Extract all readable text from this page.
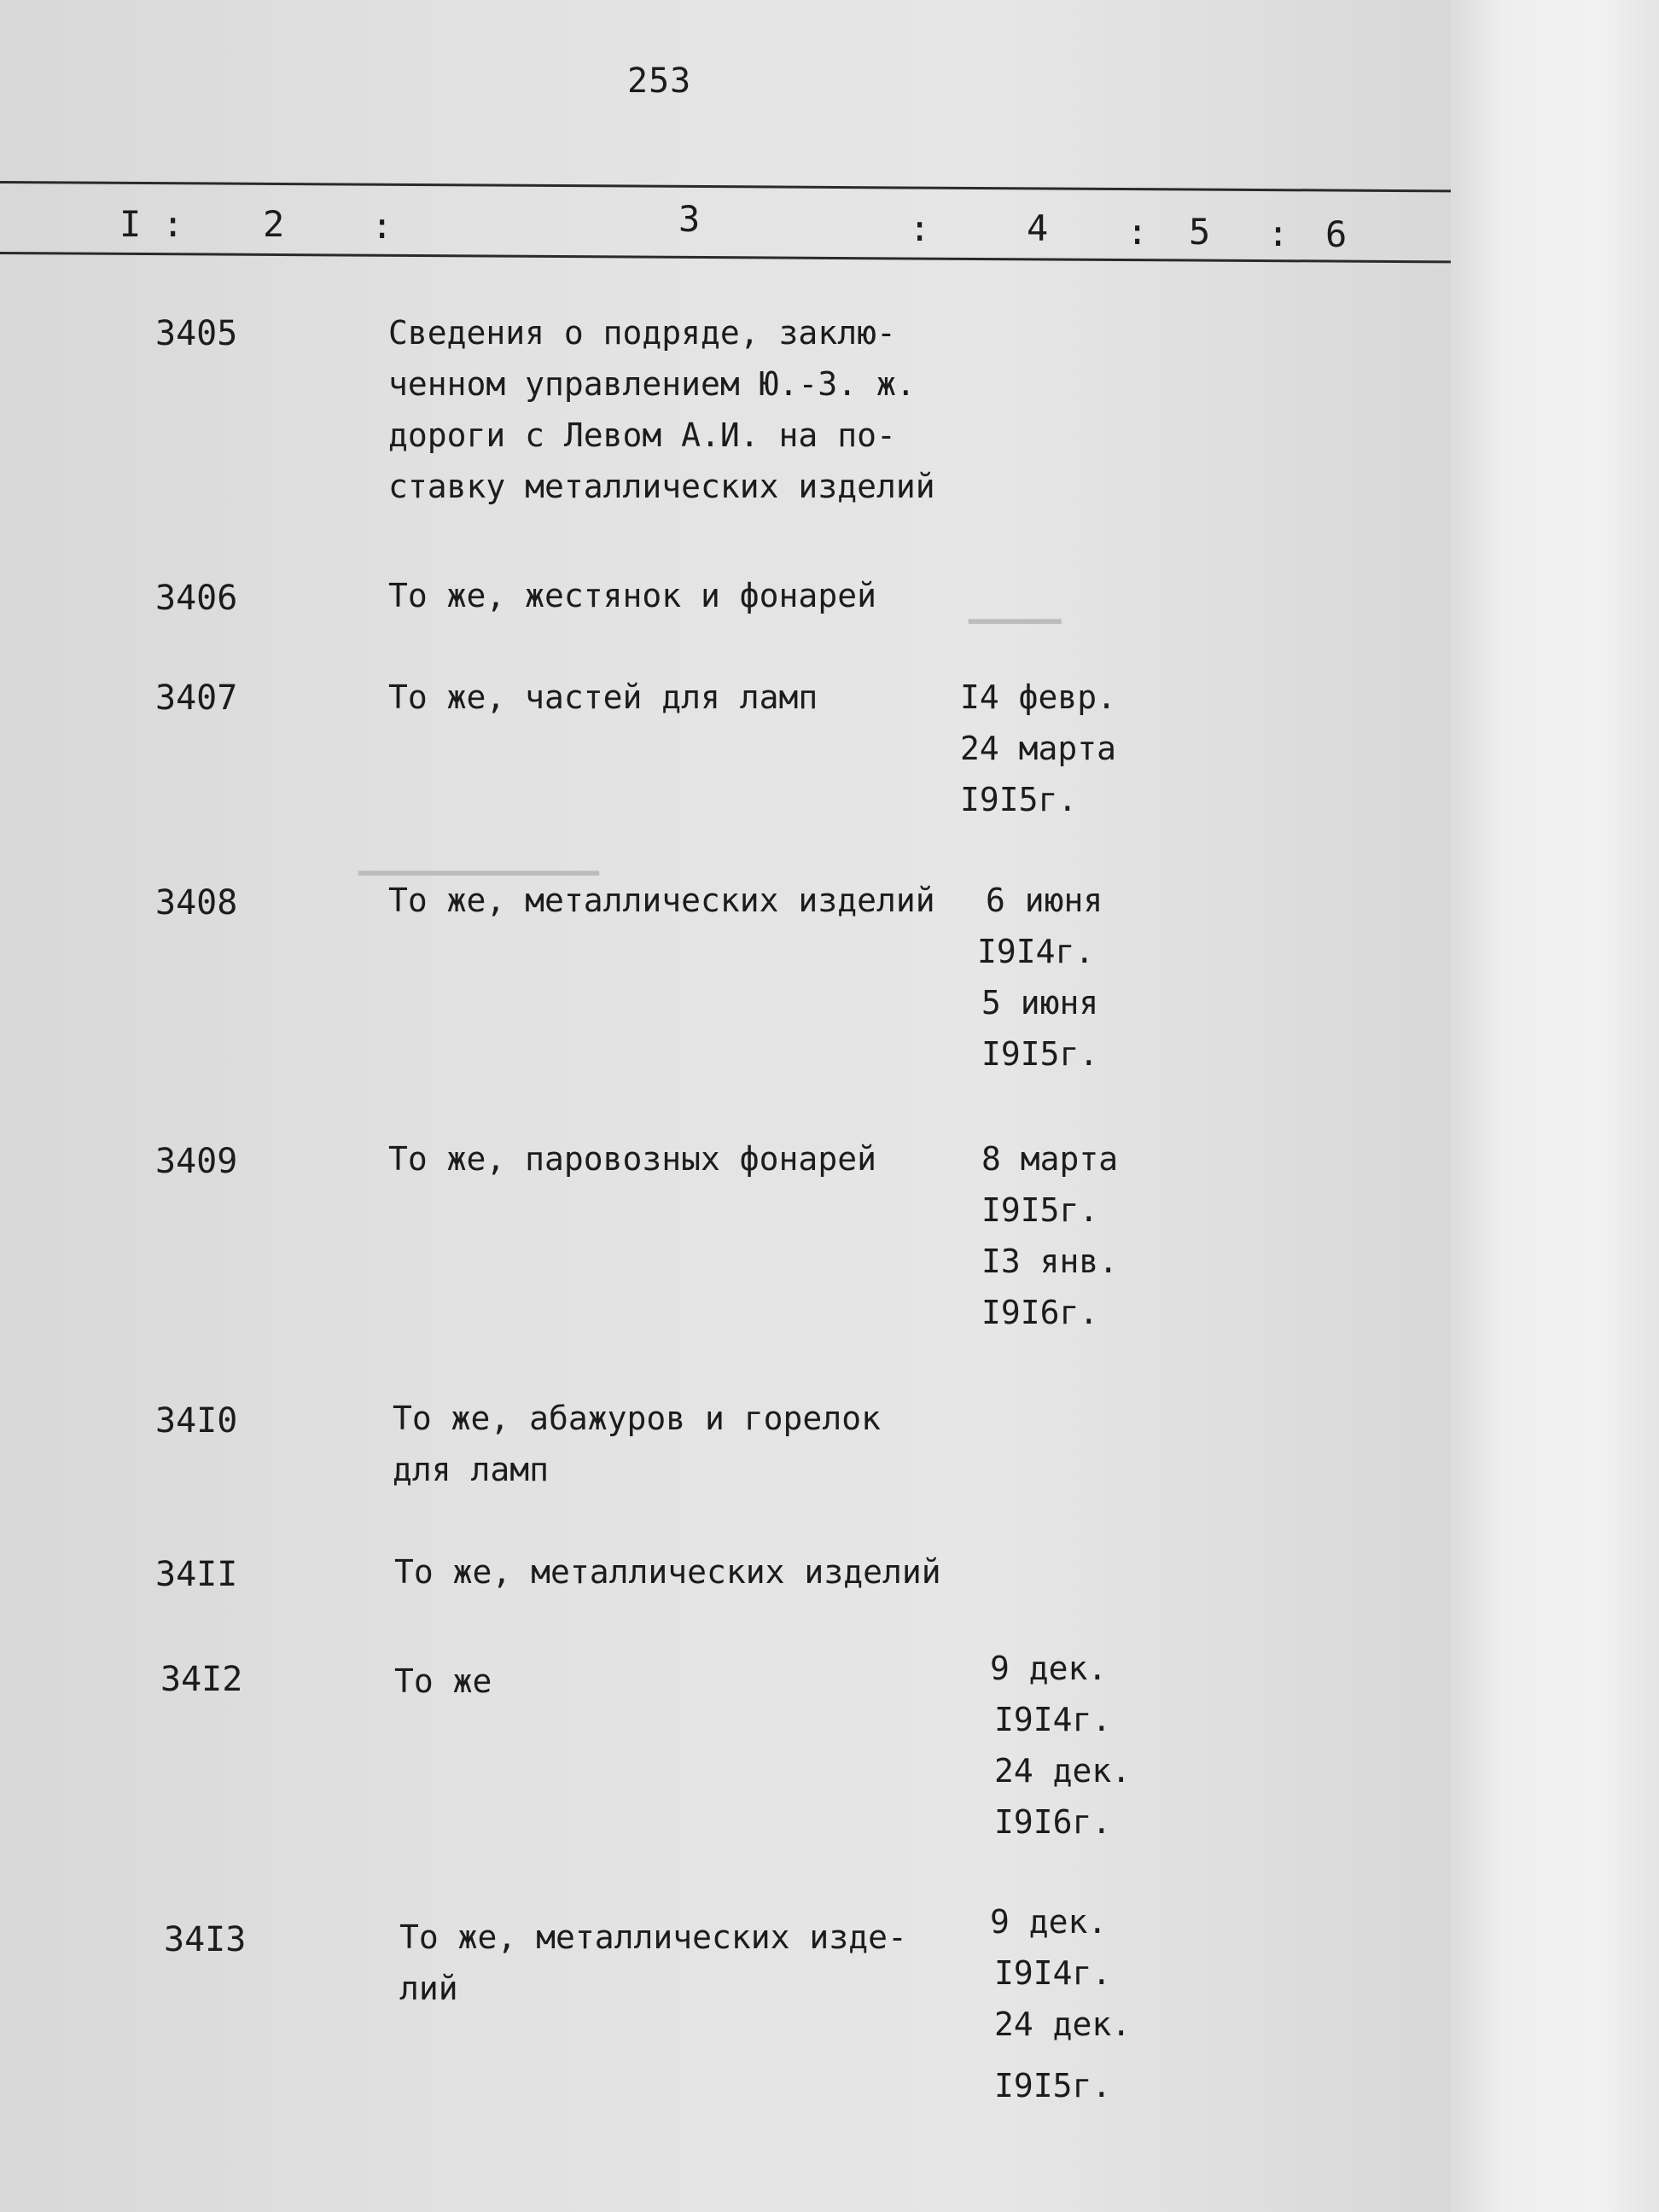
▁▁▁▁▁▁▁▁▁▁▁▁▁
▁▁▁▁▁
253
I : 2 :	3	:	4 : 5 : 6
3405	Сведения о подряде, заклю-
ченном управлением Ю.-З. ж.
дороги с Левом А.И. на по-
ставку металлических изделий
3406	То же, жестянок и фонарей
3407	То же, частей для ламп	I4 февр.
24 марта
I9I5г.
3408	То же, металлических изделий	6 июня
I9I4г.
5 июня
I9I5г.
3409	То же, паровозных фонарей	8 марта
I9I5г.
I3 янв.
I9I6г.
34I0	То же, абажуров и горелок
для ламп
34II	То же, металлических изделий
34I2	То же	9 дек.
I9I4г.
24 дек.
I9I6г.
34I3	То же, металлических изде-
лий
9 дек.
I9I4г.
24 дек.
I9I5г.
